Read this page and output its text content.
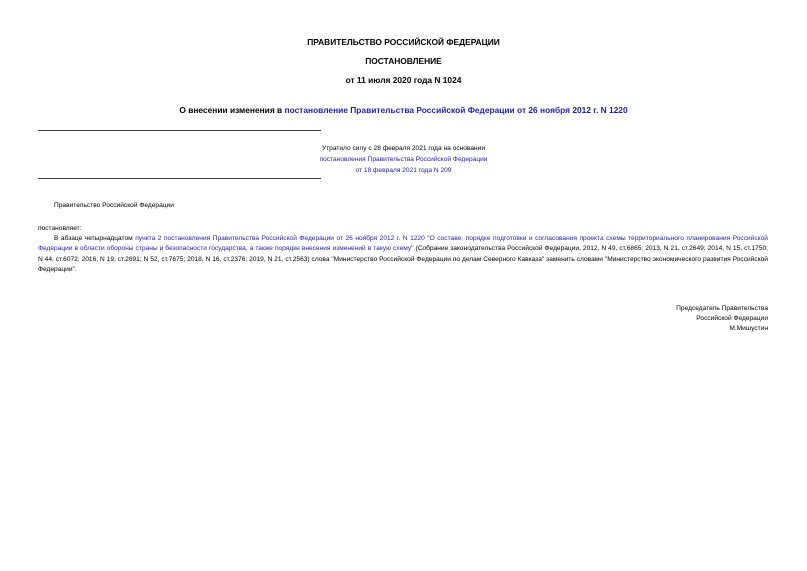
ПРАВИТЕЛЬСТВО РОССИЙСКОЙ ФЕДЕРАЦИИ
ПОСТАНОВЛЕНИЕ
от 11 июля 2020 года N 1024
О внесении изменения в постановление Правительства Российской Федерации от 26 ноября 2012 г. N 1220
Утратило силу с 28 февраля 2021 года на основании
постановления Правительства Российской Федерации
от 18 февраля 2021 года N 209
Правительство Российской Федерации
постановляет:

В абзаце четырнадцатом пункта 2 постановления Правительства Российской Федерации от 26 ноября 2012 г. N 1220 "О составе, порядке подготовки и согласования проекта схемы территориального планирования Российской Федерации в области обороны страны и безопасности государства, а также порядке внесения изменений в такую схему" (Собрание законодательства Российской Федерации, 2012, N 49, ст.6865; 2013, N 21, ст.2649; 2014, N 15, ст.1750; N 44, ст.6072; 2016, N 19, ст.2691; N 52, ст.7675; 2018, N 16, ст.2376; 2019, N 21, ст.2563) слова "Министерство Российской Федерации по делам Северного Кавказа" заменить словами "Министерство экономического развития Российской Федерации".

Председатель Правительства
Российской Федерации
М.Мишустин
